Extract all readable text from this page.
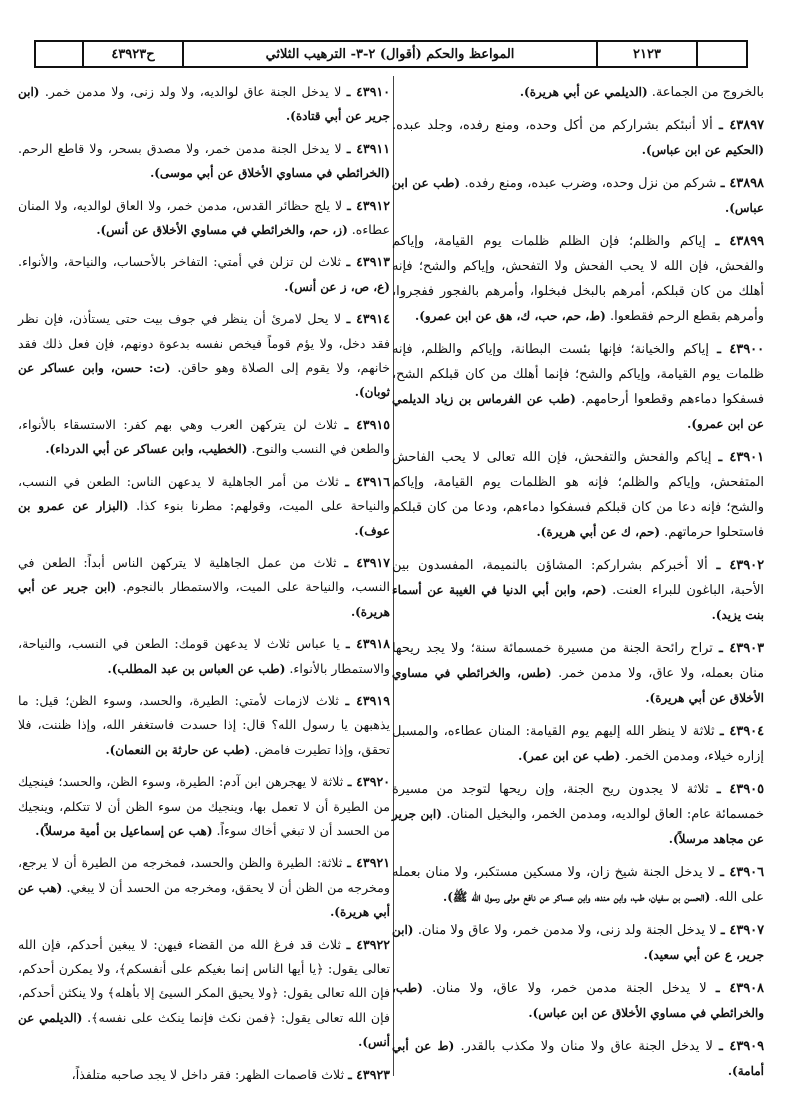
ح٤٣٩٢٣	المواعظ والحكم (أقوال) ٢-٣- الترهيب الثلاثي	٢١٢٣

بالخروج من الجماعة. (الديلمي عن أبي هريرة).

٤٣٨٩٧ ـ ألا أنبئكم بشراركم من أكل وحده، ومنع رفده، وجلد عبده. (الحكيم عن ابن عباس).

٤٣٨٩٨ ـ شركم من نزل وحده، وضرب عبده، ومنع رفده. (طب عن ابن عباس).

٤٣٨٩٩ ـ إياكم والظلم؛ فإن الظلم ظلمات يوم القيامة، وإياكم والفحش، فإن الله لا يحب الفحش ولا التفحش، وإياكم والشح؛ فإنه أهلك من كان قبلكم، أمرهم بالبخل فبخلوا، وأمرهم بالفجور ففجروا، وأمرهم بقطع الرحم فقطعوا. (ط، حم، حب، ك، هق عن ابن عمرو).

٤٣٩٠٠ ـ إياكم والخيانة؛ فإنها بئست البطانة، وإياكم والظلم، فإنه ظلمات يوم القيامة، وإياكم والشح؛ فإنما أهلك من كان قبلكم الشح، فسفكوا دماءهم وقطعوا أرحامهم. (طب عن الفرماس بن زياد الديلمي عن ابن عمرو).

٤٣٩٠١ ـ إياكم والفحش والتفحش، فإن الله تعالى لا يحب الفاحش المتفحش، وإياكم والظلم؛ فإنه هو الظلمات يوم القيامة، وإياكم والشح؛ فإنه دعا من كان قبلكم فسفكوا دماءهم، ودعا من كان قبلكم فاستحلوا حرماتهم. (حم، ك عن أبي هريرة).

٤٣٩٠٢ ـ ألا أخبركم بشراركم: المشاؤن بالنميمة، المفسدون بين الأحبة، الباغون للبراء العنت. (حم، وابن أبي الدنيا في الغيبة عن أسماء بنت يزيد).

٤٣٩٠٣ ـ تراح رائحة الجنة من مسيرة خمسمائة سنة؛ ولا يجد ريحها منان بعمله، ولا عاق، ولا مدمن خمر. (طس، والخرائطي في مساوي الأخلاق عن أبي هريرة).

٤٣٩٠٤ ـ ثلاثة لا ينظر الله إليهم يوم القيامة: المنان عطاءه، والمسبل إزاره خيلاء، ومدمن الخمر. (طب عن ابن عمر).

٤٣٩٠٥ ـ ثلاثة لا يجدون ريح الجنة، وإن ريحها لتوجد من مسيرة خمسمائة عام: العاق لوالديه، ومدمن الخمر، والبخيل المنان. (ابن جرير عن مجاهد مرسلاً).

٤٣٩٠٦ ـ لا يدخل الجنة شيخ زان، ولا مسكين مستكبر، ولا منان بعمله على الله. (الحسن بن سفيان، طب، وابن منده، وابن عساكر عن نافع مولى رسول الله ﷺ).

٤٣٩٠٧ ـ لا يدخل الجنة ولد زنى، ولا مدمن خمر، ولا عاق ولا منان. (ابن جرير، ع عن أبي سعيد).

٤٣٩٠٨ ـ لا يدخل الجنة مدمن خمر، ولا عاق، ولا منان. (طب، والخرائطي في مساوي الأخلاق عن ابن عباس).

٤٣٩٠٩ ـ لا يدخل الجنة عاق ولا منان ولا مكذب بالقدر. (ط عن أبي أمامة).

٤٣٩١٠ ـ لا يدخل الجنة عاق لوالديه، ولا ولد زنى، ولا مدمن خمر. (ابن جرير عن أبي قتادة).

٤٣٩١١ ـ لا يدخل الجنة مدمن خمر، ولا مصدق بسحر، ولا قاطع الرحم. (الخرائطي في مساوي الأخلاق عن أبي موسى).

٤٣٩١٢ ـ لا يلج حظائر القدس، مدمن خمر، ولا العاق لوالديه، ولا المنان عطاءه. (ز، حم، والخرائطي في مساوي الأخلاق عن أنس).

٤٣٩١٣ ـ ثلاث لن تزلن في أمتي: التفاخر بالأحساب، والنياحة، والأنواء. (ع، ص، ز عن أنس).

٤٣٩١٤ ـ لا يحل لامرئ أن ينظر في جوف بيت حتى يستأذن، فإن نظر فقد دخل، ولا يؤم قوماً فيخص نفسه بدعوة دونهم، فإن فعل ذلك فقد خانهم، ولا يقوم إلى الصلاة وهو حاقن. (ت: حسن، وابن عساكر عن ثوبان).

٤٣٩١٥ ـ ثلاث لن يتركهن العرب وهي بهم كفر: الاستسقاء بالأنواء، والطعن في النسب والنوح. (الخطيب، وابن عساكر عن أبي الدرداء).

٤٣٩١٦ ـ ثلاث من أمر الجاهلية لا يدعهن الناس: الطعن في النسب، والنياحة على الميت، وقولهم: مطرنا بنوء كذا. (البزار عن عمرو بن عوف).

٤٣٩١٧ ـ ثلاث من عمل الجاهلية لا يتركهن الناس أبداً: الطعن في النسب، والنياحة على الميت، والاستمطار بالنجوم. (ابن جرير عن أبي هريرة).

٤٣٩١٨ ـ يا عباس ثلاث لا يدعهن قومك: الطعن في النسب، والنياحة، والاستمطار بالأنواء. (طب عن العباس بن عبد المطلب).

٤٣٩١٩ ـ ثلاث لازمات لأمتي: الطيرة، والحسد، وسوء الظن؛ قيل: ما يذهبهن يا رسول الله؟ قال: إذا حسدت فاستغفر الله، وإذا ظننت، فلا تحقق، وإذا تطيرت فامض. (طب عن حارثة بن النعمان).

٤٣٩٢٠ ـ ثلاثة لا يهجرهن ابن آدم: الطيرة، وسوء الظن، والحسد؛ فينجيك من الطيرة أن لا تعمل بها، وينجيك من سوء الظن أن لا تتكلم، وينجيك من الحسد أن لا تبغي أخاك سوءاً. (هب عن إسماعيل بن أمية مرسلاً).

٤٣٩٢١ ـ ثلاثة: الطيرة والظن والحسد، فمخرجه من الطيرة أن لا يرجع، ومخرجه من الظن أن لا يحقق، ومخرجه من الحسد أن لا يبغي. (هب عن أبي هريرة).

٤٣٩٢٢ ـ ثلاث قد فرغ الله من القضاء فيهن: لا يبغين أحدكم، فإن الله تعالى يقول: ﴿يا أيها الناس إنما بغيكم على أنفسكم﴾، ولا يمكرن أحدكم، فإن الله تعالى يقول: ﴿ولا يحيق المكر السيئ إلا بأهله﴾ ولا ينكثن أحدكم، فإن الله تعالى يقول: ﴿فمن نكث فإنما ينكث على نفسه﴾. (الديلمي عن أنس).

٤٣٩٢٣ ـ ثلاث قاصمات الظهر: فقر داخل لا يجد صاحبه متلفذاً،
